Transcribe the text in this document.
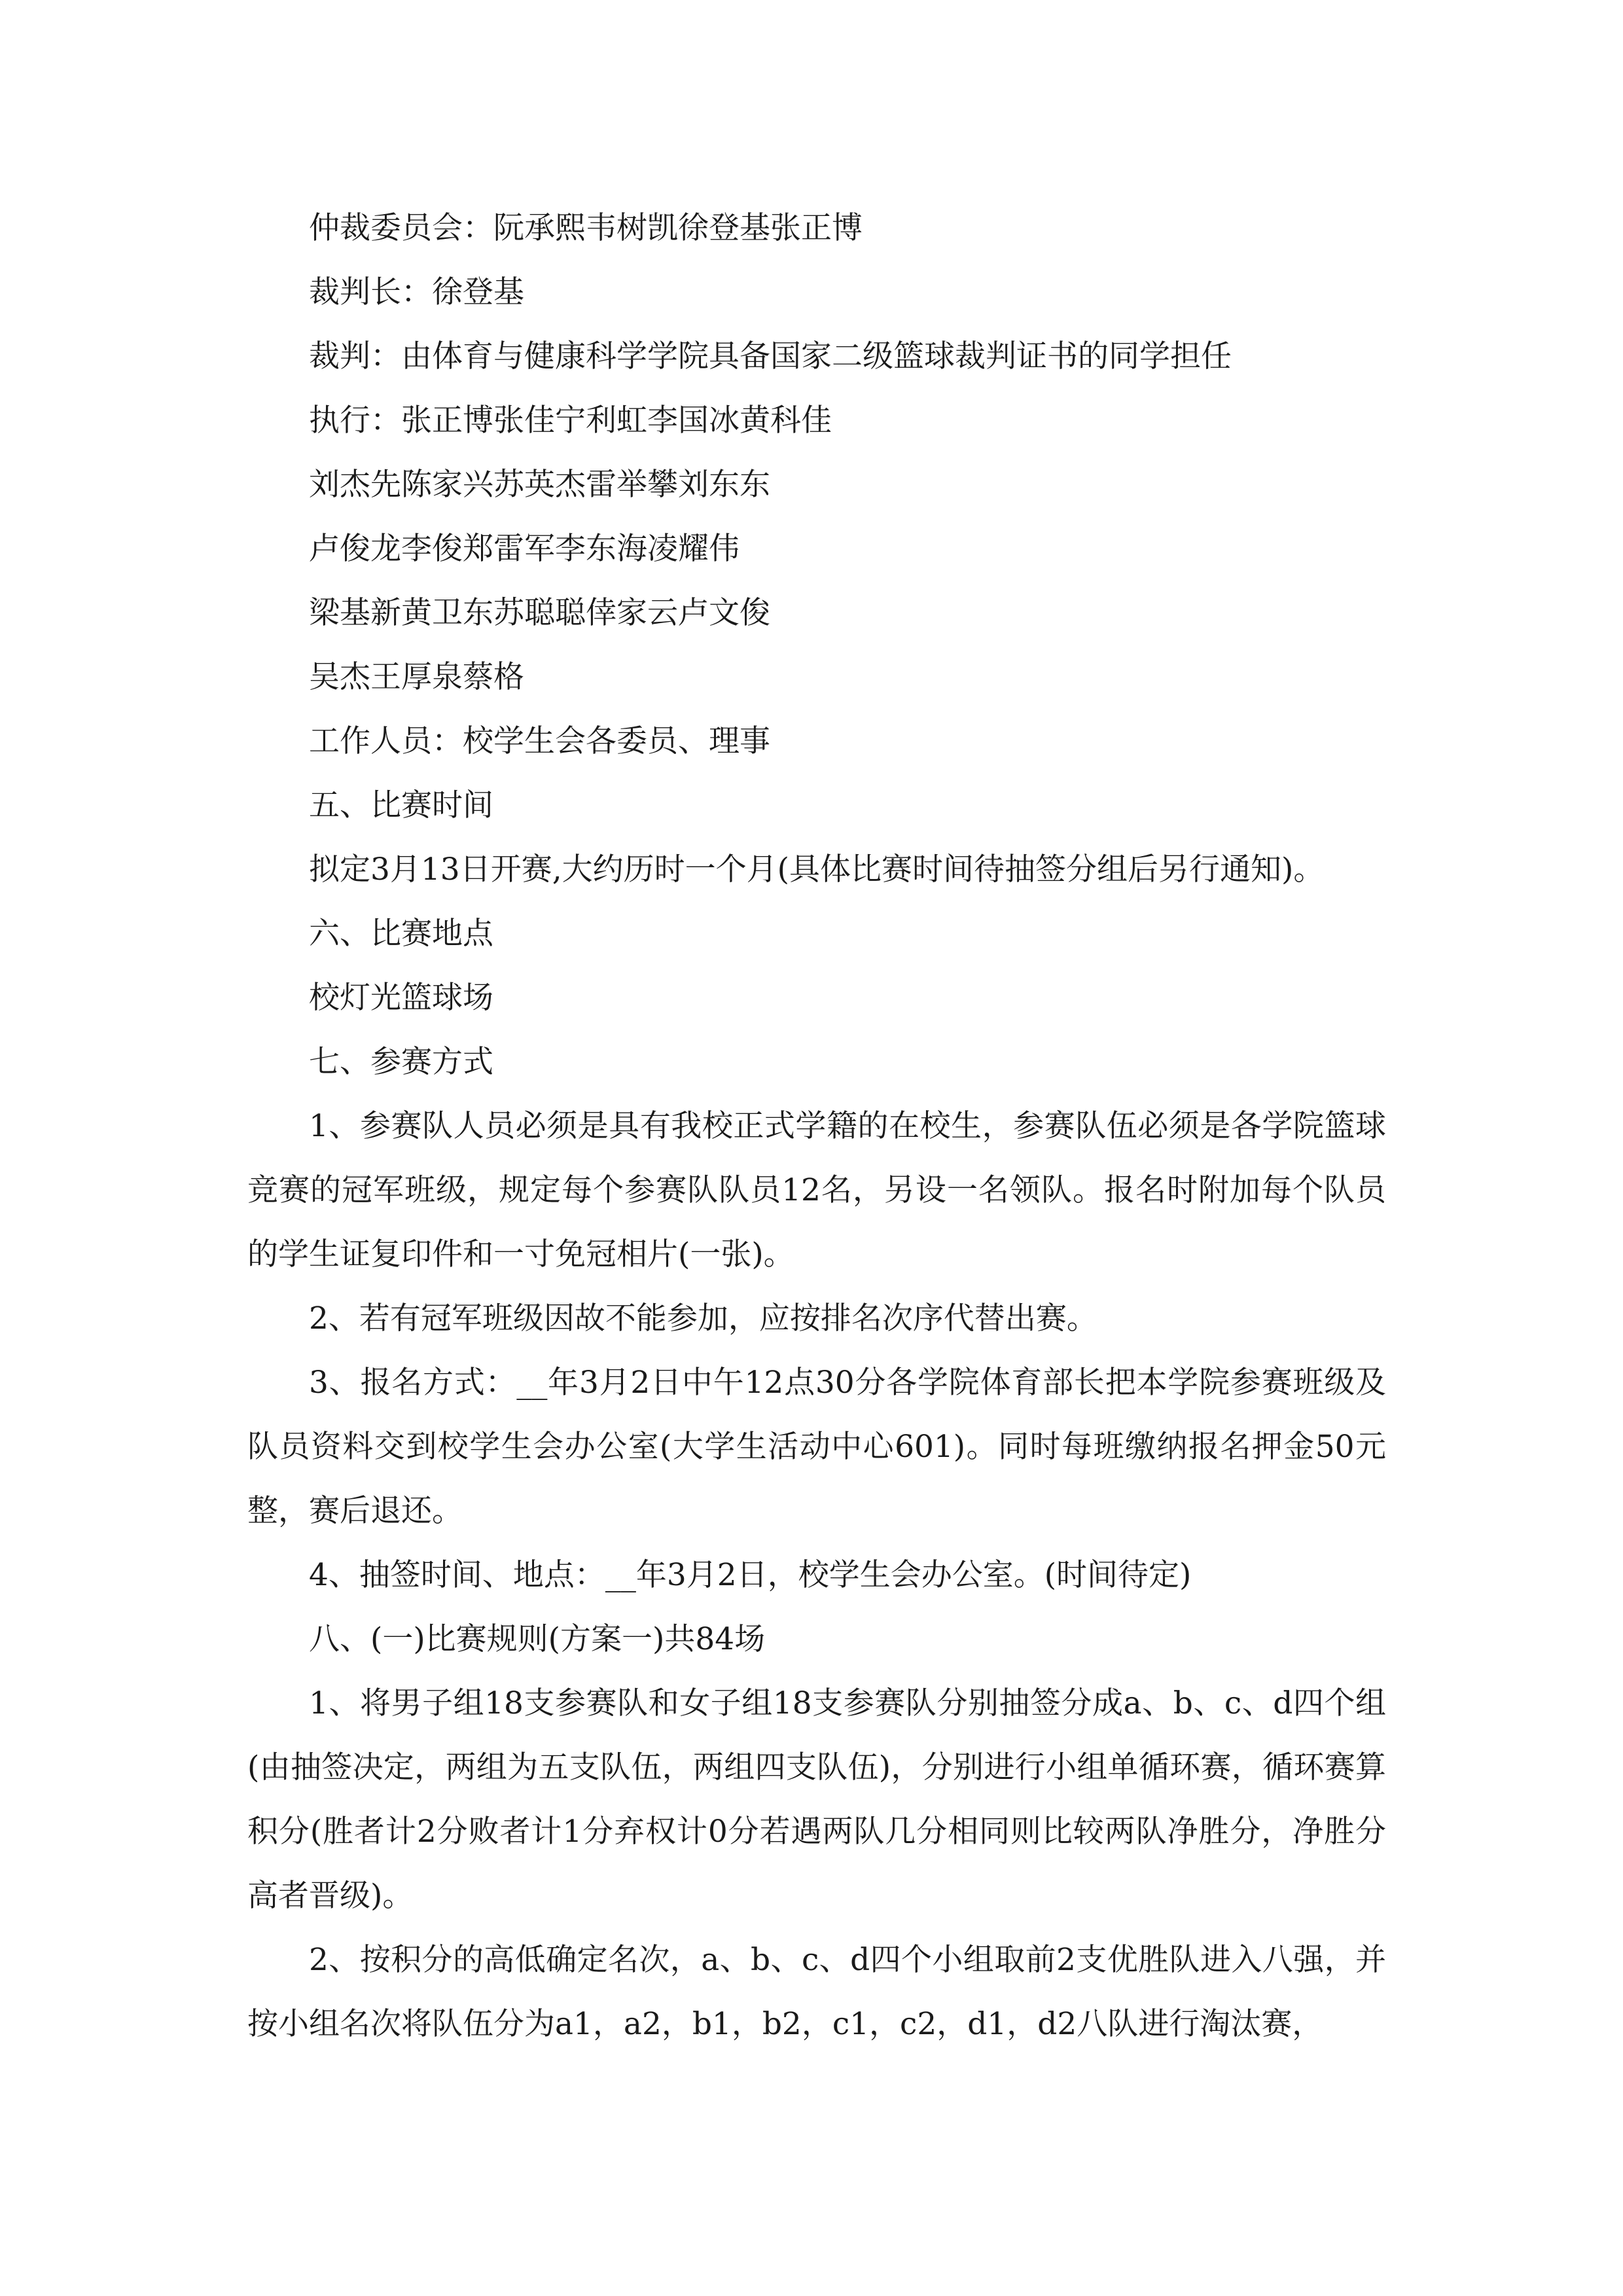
仲裁委员会：阮承熙韦树凯徐登基张正博

裁判长：徐登基

裁判：由体育与健康科学学院具备国家二级篮球裁判证书的同学担任

执行：张正博张佳宁利虹李国冰黄科佳

刘杰先陈家兴苏英杰雷举攀刘东东

卢俊龙李俊郑雷军李东海凌耀伟

梁基新黄卫东苏聪聪倖家云卢文俊

吴杰王厚泉蔡格

工作人员：校学生会各委员、理事

五、比赛时间

拟定3月13日开赛,大约历时一个月(具体比赛时间待抽签分组后另行通知)。

六、比赛地点

校灯光篮球场

七、参赛方式

1、参赛队人员必须是具有我校正式学籍的在校生，参赛队伍必须是各学院篮球竞赛的冠军班级，规定每个参赛队队员12名，另设一名领队。报名时附加每个队员的学生证复印件和一寸免冠相片(一张)。

2、若有冠军班级因故不能参加，应按排名次序代替出赛。

3、报名方式：__年3月2日中午12点30分各学院体育部长把本学院参赛班级及队员资料交到校学生会办公室(大学生活动中心601)。同时每班缴纳报名押金50元整，赛后退还。

4、抽签时间、地点：__年3月2日，校学生会办公室。(时间待定)

八、(一)比赛规则(方案一)共84场

1、将男子组18支参赛队和女子组18支参赛队分别抽签分成a、b、c、d四个组(由抽签决定，两组为五支队伍，两组四支队伍)，分别进行小组单循环赛，循环赛算积分(胜者计2分败者计1分弃权计0分若遇两队几分相同则比较两队净胜分，净胜分高者晋级)。

2、按积分的高低确定名次，a、b、c、d四个小组取前2支优胜队进入八强，并按小组名次将队伍分为a1，a2，b1，b2，c1，c2，d1，d2八队进行淘汰赛，
